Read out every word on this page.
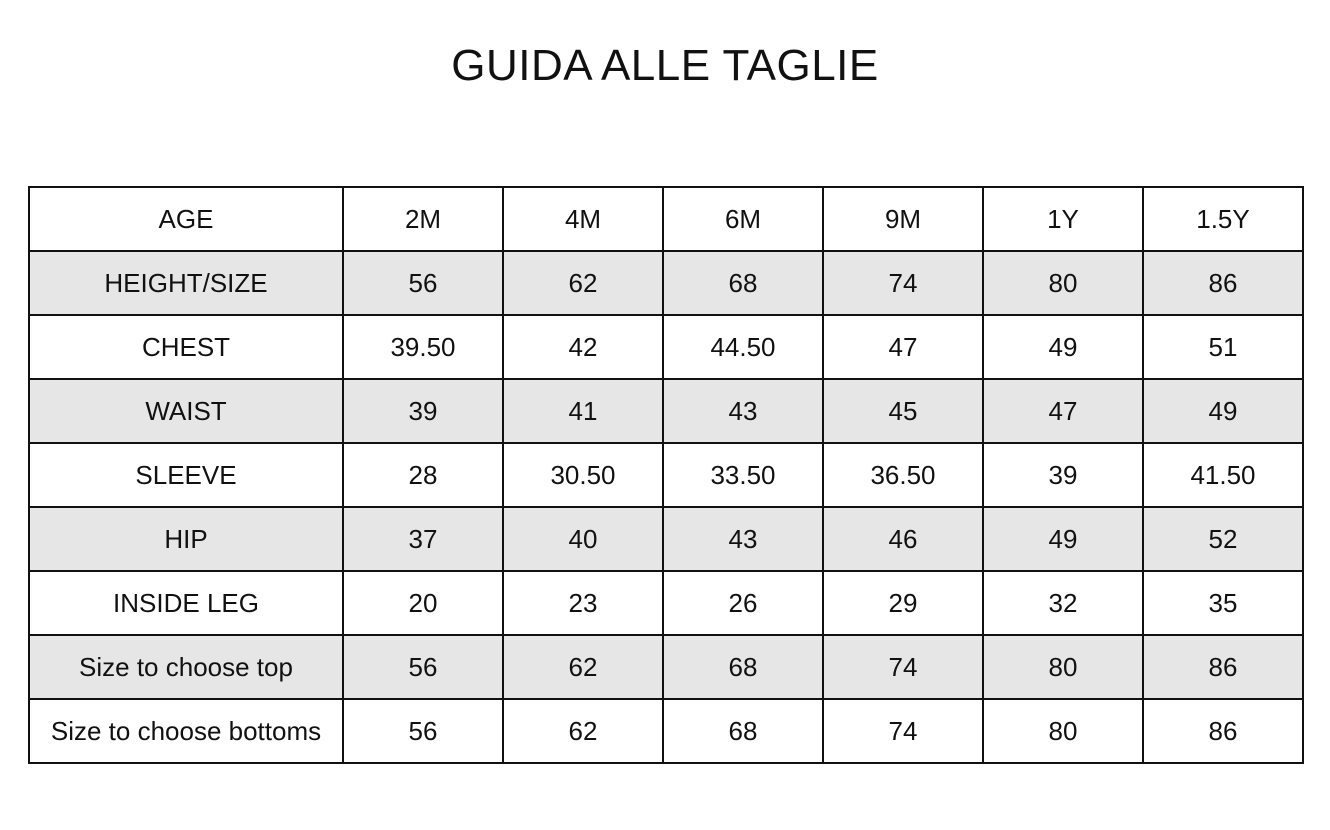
GUIDA ALLE TAGLIE
AGE	2M	4M	6M	9M	1Y	1.5Y
HEIGHT/SIZE	56	62	68	74	80	86
CHEST	39.50	42	44.50	47	49	51
WAIST	39	41	43	45	47	49
SLEEVE	28	30.50	33.50	36.50	39	41.50
HIP	37	40	43	46	49	52
INSIDE LEG	20	23	26	29	32	35
Size to choose top	56	62	68	74	80	86
Size to choose bottoms	56	62	68	74	80	86
